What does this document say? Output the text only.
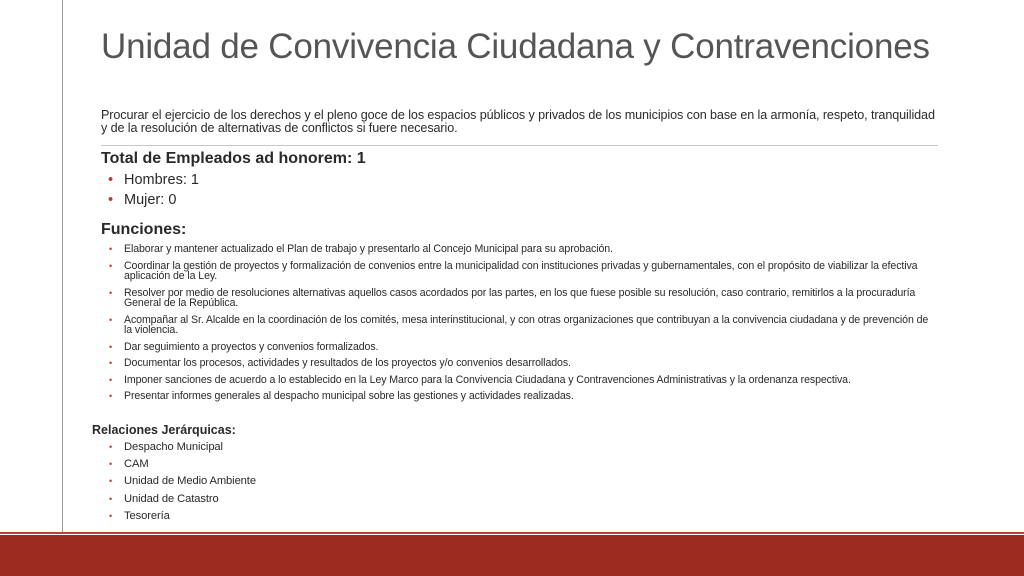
Unidad de Convivencia Ciudadana y Contravenciones
Procurar el ejercicio de los derechos y el pleno goce de los espacios públicos y privados de los municipios con base en la armonía, respeto, tranquilidad y de la resolución de alternativas de conflictos si fuere necesario.
Total de Empleados ad honorem: 1
• Hombres: 1
• Mujer: 0
Funciones:
• Elaborar y mantener actualizado el Plan de trabajo y presentarlo al Concejo Municipal para su aprobación.
• Coordinar la gestión de proyectos y formalización de convenios entre la municipalidad con instituciones privadas y gubernamentales, con el propósito de viabilizar la efectiva aplicación de la Ley.
• Resolver por medio de resoluciones alternativas aquellos casos acordados por las partes, en los que fuese posible su resolución, caso contrario, remitirlos a la procuraduría General de la República.
• Acompañar al Sr. Alcalde en la coordinación de los comités, mesa interinstitucional, y con otras organizaciones que contribuyan a la convivencia ciudadana y de prevención de la violencia.
• Dar seguimiento a proyectos y convenios formalizados.
• Documentar los procesos, actividades y resultados de los proyectos y/o convenios desarrollados.
• Imponer sanciones de acuerdo a lo establecido en la Ley Marco para la Convivencia Ciudadana y Contravenciones Administrativas y la ordenanza respectiva.
• Presentar informes generales al despacho municipal sobre las gestiones y actividades realizadas.
Relaciones Jerárquicas:
• Despacho Municipal
• CAM
• Unidad de Medio Ambiente
• Unidad de Catastro
• Tesorería
